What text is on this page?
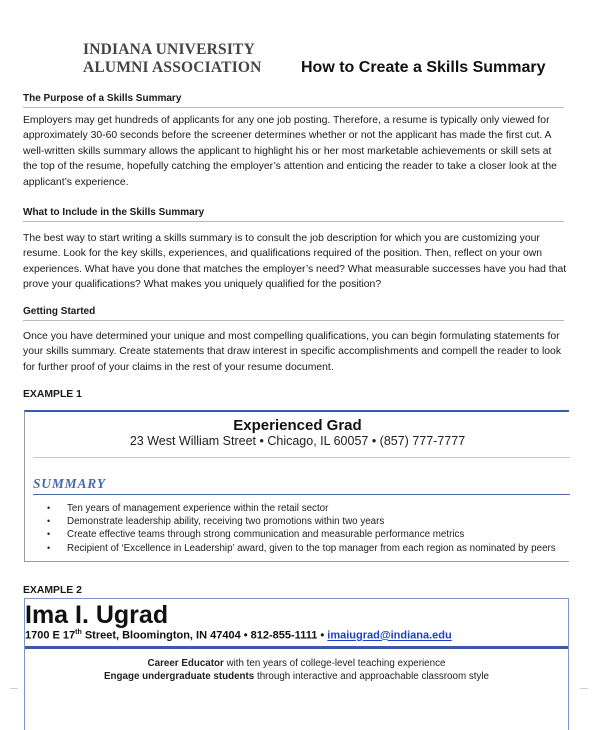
INDIANA UNIVERSITY
ALUMNI ASSOCIATION How to Create a Skills Summary
The Purpose of a Skills Summary
Employers may get hundreds of applicants for any one job posting. Therefore, a resume is typically only viewed for approximately 30-60 seconds before the screener determines whether or not the applicant has made the first cut. A well-written skills summary allows the applicant to highlight his or her most marketable achievements or skill sets at the top of the resume, hopefully catching the employer’s attention and enticing the reader to take a closer look at the applicant’s experience.
What to Include in the Skills Summary
The best way to start writing a skills summary is to consult the job description for which you are customizing your resume. Look for the key skills, experiences, and qualifications required of the position. Then, reflect on your own experiences. What have you done that matches the employer’s need? What measurable successes have you had that prove your qualifications? What makes you uniquely qualified for the position?
Getting Started
Once you have determined your unique and most compelling qualifications, you can begin formulating statements for your skills summary. Create statements that draw interest in specific accomplishments and compell the reader to look for further proof of your claims in the rest of your resume document.
EXAMPLE 1
Experienced Grad
23 West William Street • Chicago, IL 60057 • (857) 777-7777
SUMMARY
• Ten years of management experience within the retail sector
• Demonstrate leadership ability, receiving two promotions within two years
• Create effective teams through strong communication and measurable performance metrics
• Recipient of ‘Excellence in Leadership’ award, given to the top manager from each region as nominated by peers
EXAMPLE 2
Ima I. Ugrad
1700 E 17th Street, Bloomington, IN 47404 • 812-855-1111 • imaiugrad@indiana.edu
Career Educator with ten years of college-level teaching experience
Engage undergraduate students through interactive and approachable classroom style
